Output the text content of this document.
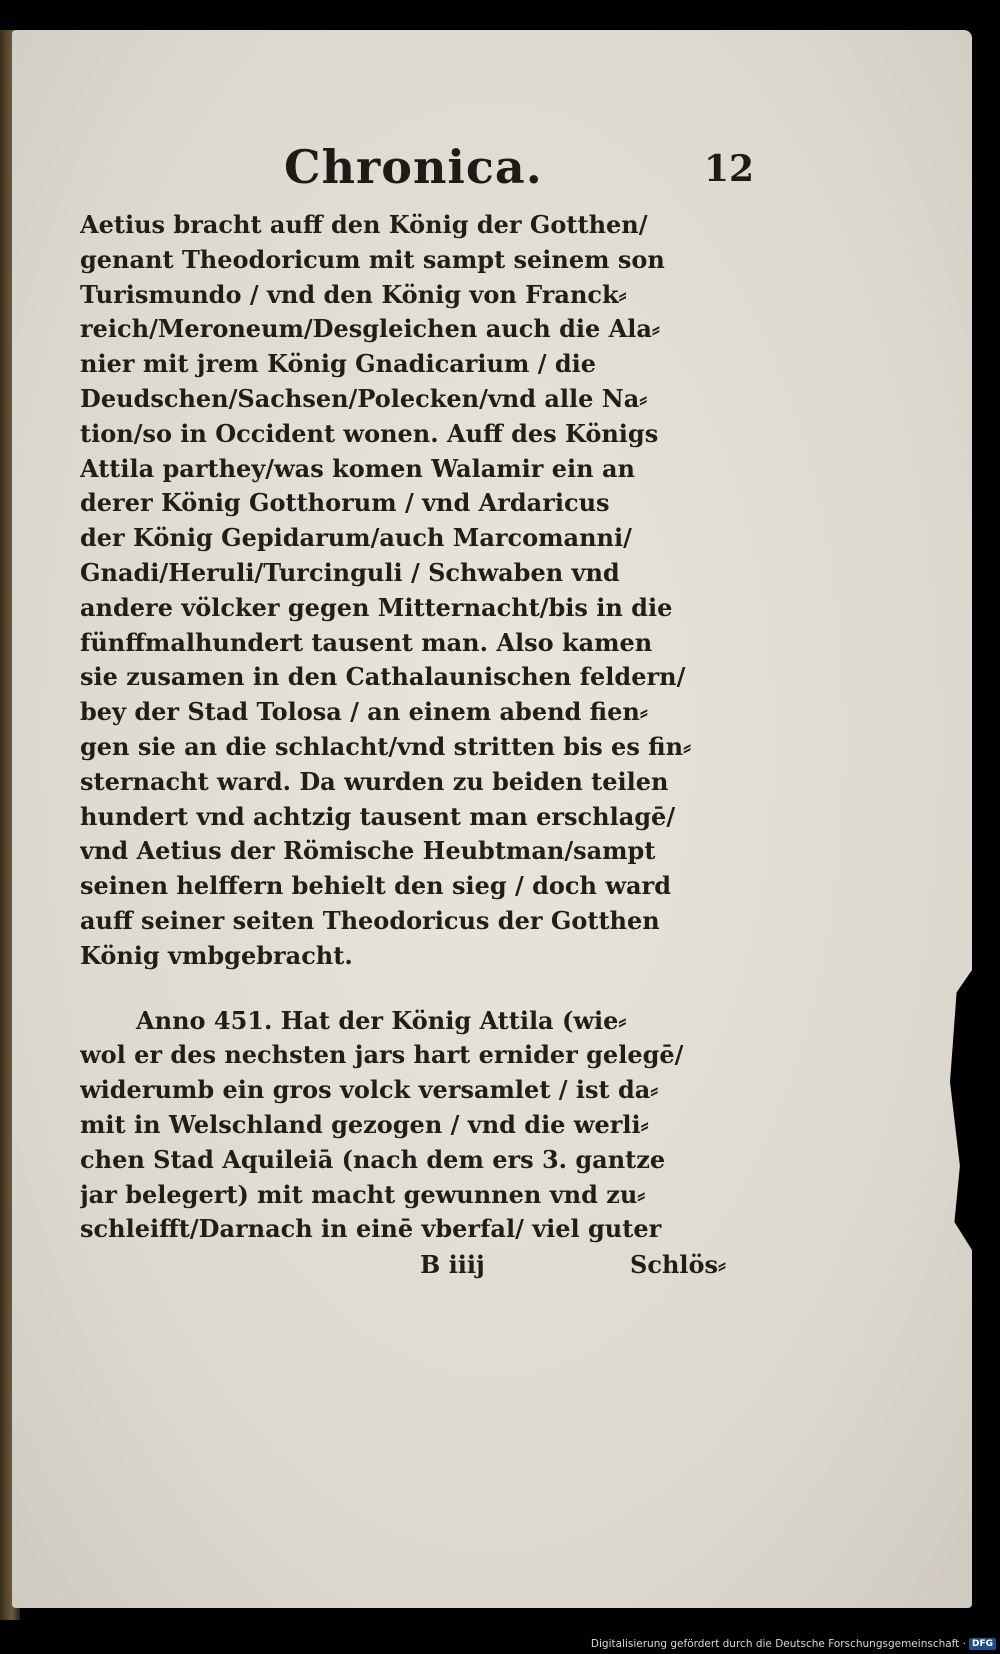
Chronica.	12
Aetius bracht auff den König der Gotthen/
genant Theodoricum mit sampt seinem son
Turismundo / vnd den König von Franck⸗
reich/Meroneum/Desgleichen auch die Ala⸗
nier mit jrem König Gnadicarium / die
Deudschen/Sachsen/Polecken/vnd alle Na⸗
tion/so in Occident wonen. Auff des Königs
Attila parthey/was komen Walamir ein an
derer König Gotthorum / vnd Ardaricus
der König Gepidarum/auch Marcomanni/
Gnadi/Heruli/Turcinguli / Schwaben vnd
andere völcker gegen Mitternacht/bis in die
fünffmalhundert tausent man. Also kamen
sie zusamen in den Cathalaunischen feldern/
bey der Stad Tolosa / an einem abend fien⸗
gen sie an die schlacht/vnd stritten bis es fin⸗
sternacht ward. Da wurden zu beiden teilen
hundert vnd achtzig tausent man erschlagē/
vnd Aetius der Römische Heubtman/sampt
seinen helffern behielt den sieg / doch ward
auff seiner seiten Theodoricus der Gotthen
König vmbgebracht.
Anno 451. Hat der König Attila (wie⸗
wol er des nechsten jars hart ernider gelegē/
widerumb ein gros volck versamlet / ist da⸗
mit in Welschland gezogen / vnd die werli⸗
chen Stad Aquileiā (nach dem ers 3. gantze
jar belegert) mit macht gewunnen vnd zu⸗
schleifft/Darnach in einē vberfal/ viel guter
B iiij	Schlös⸗
Digitalisierung gefördert durch die Deutsche Forschungsgemeinschaft · DFG
